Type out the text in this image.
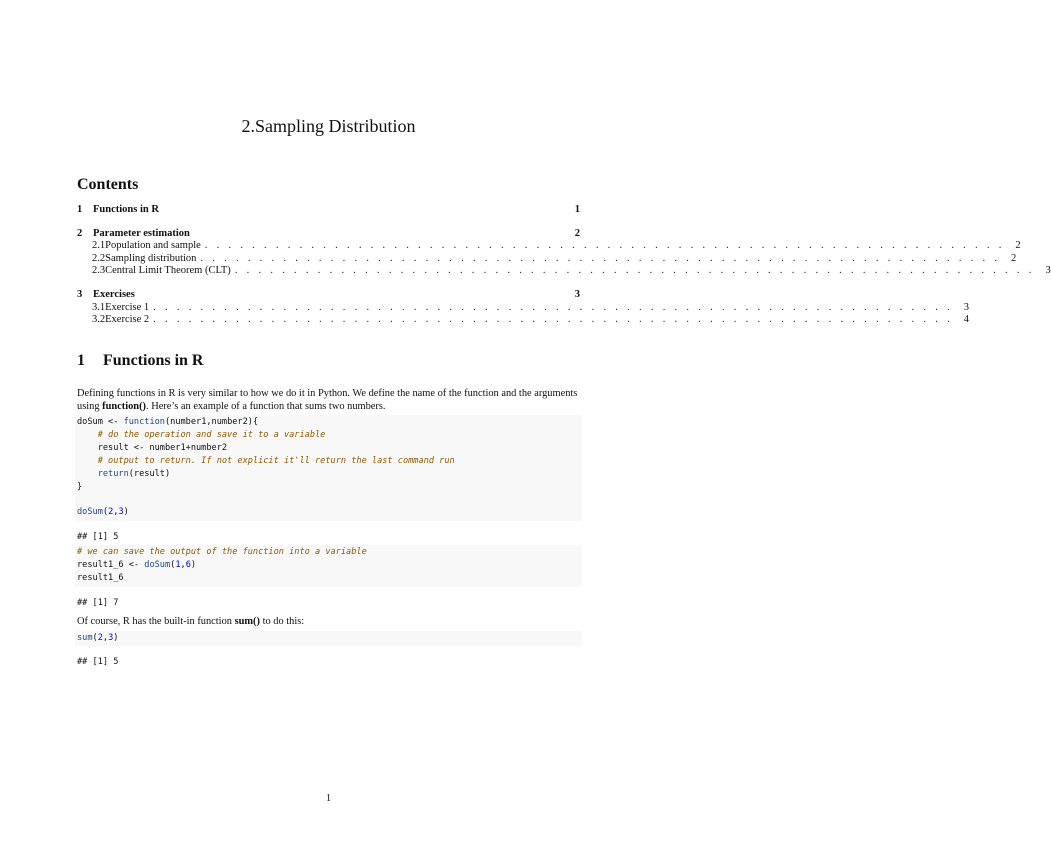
2.Sampling Distribution
Contents
1	Functions in R	1
2	Parameter estimation	2
2.1 Population and sample . . . . . . . . . . . . . . . . . . . . . . . . . . . . . . . . . . . . . . . . . . . . . . . . . . . . . . . . . . . . . . . . . . . .	2
2.2 Sampling distribution . . . . . . . . . . . . . . . . . . . . . . . . . . . . . . . . . . . . . . . . . . . . . . . . . . . . . . . . . . . . . . . . . . . .	2
2.3 Central Limit Theorem (CLT) . . . . . . . . . . . . . . . . . . . . . . . . . . . . . . . . . . . . . . . . . . . . . . . . . . . . . . . . . . . . . . . . . . . .	3
3	Exercises	3
3.1 Exercise 1 . . . . . . . . . . . . . . . . . . . . . . . . . . . . . . . . . . . . . . . . . . . . . . . . . . . . . . . . . . . . . . . . . . . .	3
3.2 Exercise 2 . . . . . . . . . . . . . . . . . . . . . . . . . . . . . . . . . . . . . . . . . . . . . . . . . . . . . . . . . . . . . . . . . . . .	4
1 Functions in R
Defining functions in R is very similar to how we do it in Python. We define the name of the function and the arguments using function(). Here’s an example of a function that sums two numbers.
doSum <- function(number1,number2){
# do the operation and save it to a variable
result <- number1+number2
# output to return. If not explicit it'll return the last command run
return(result)
}

doSum(2,3)
## [1] 5
# we can save the output of the function into a variable
result1_6 <- doSum(1,6)
result1_6
## [1] 7
Of course, R has the built-in function sum() to do this:
sum(2,3)
## [1] 5
1
